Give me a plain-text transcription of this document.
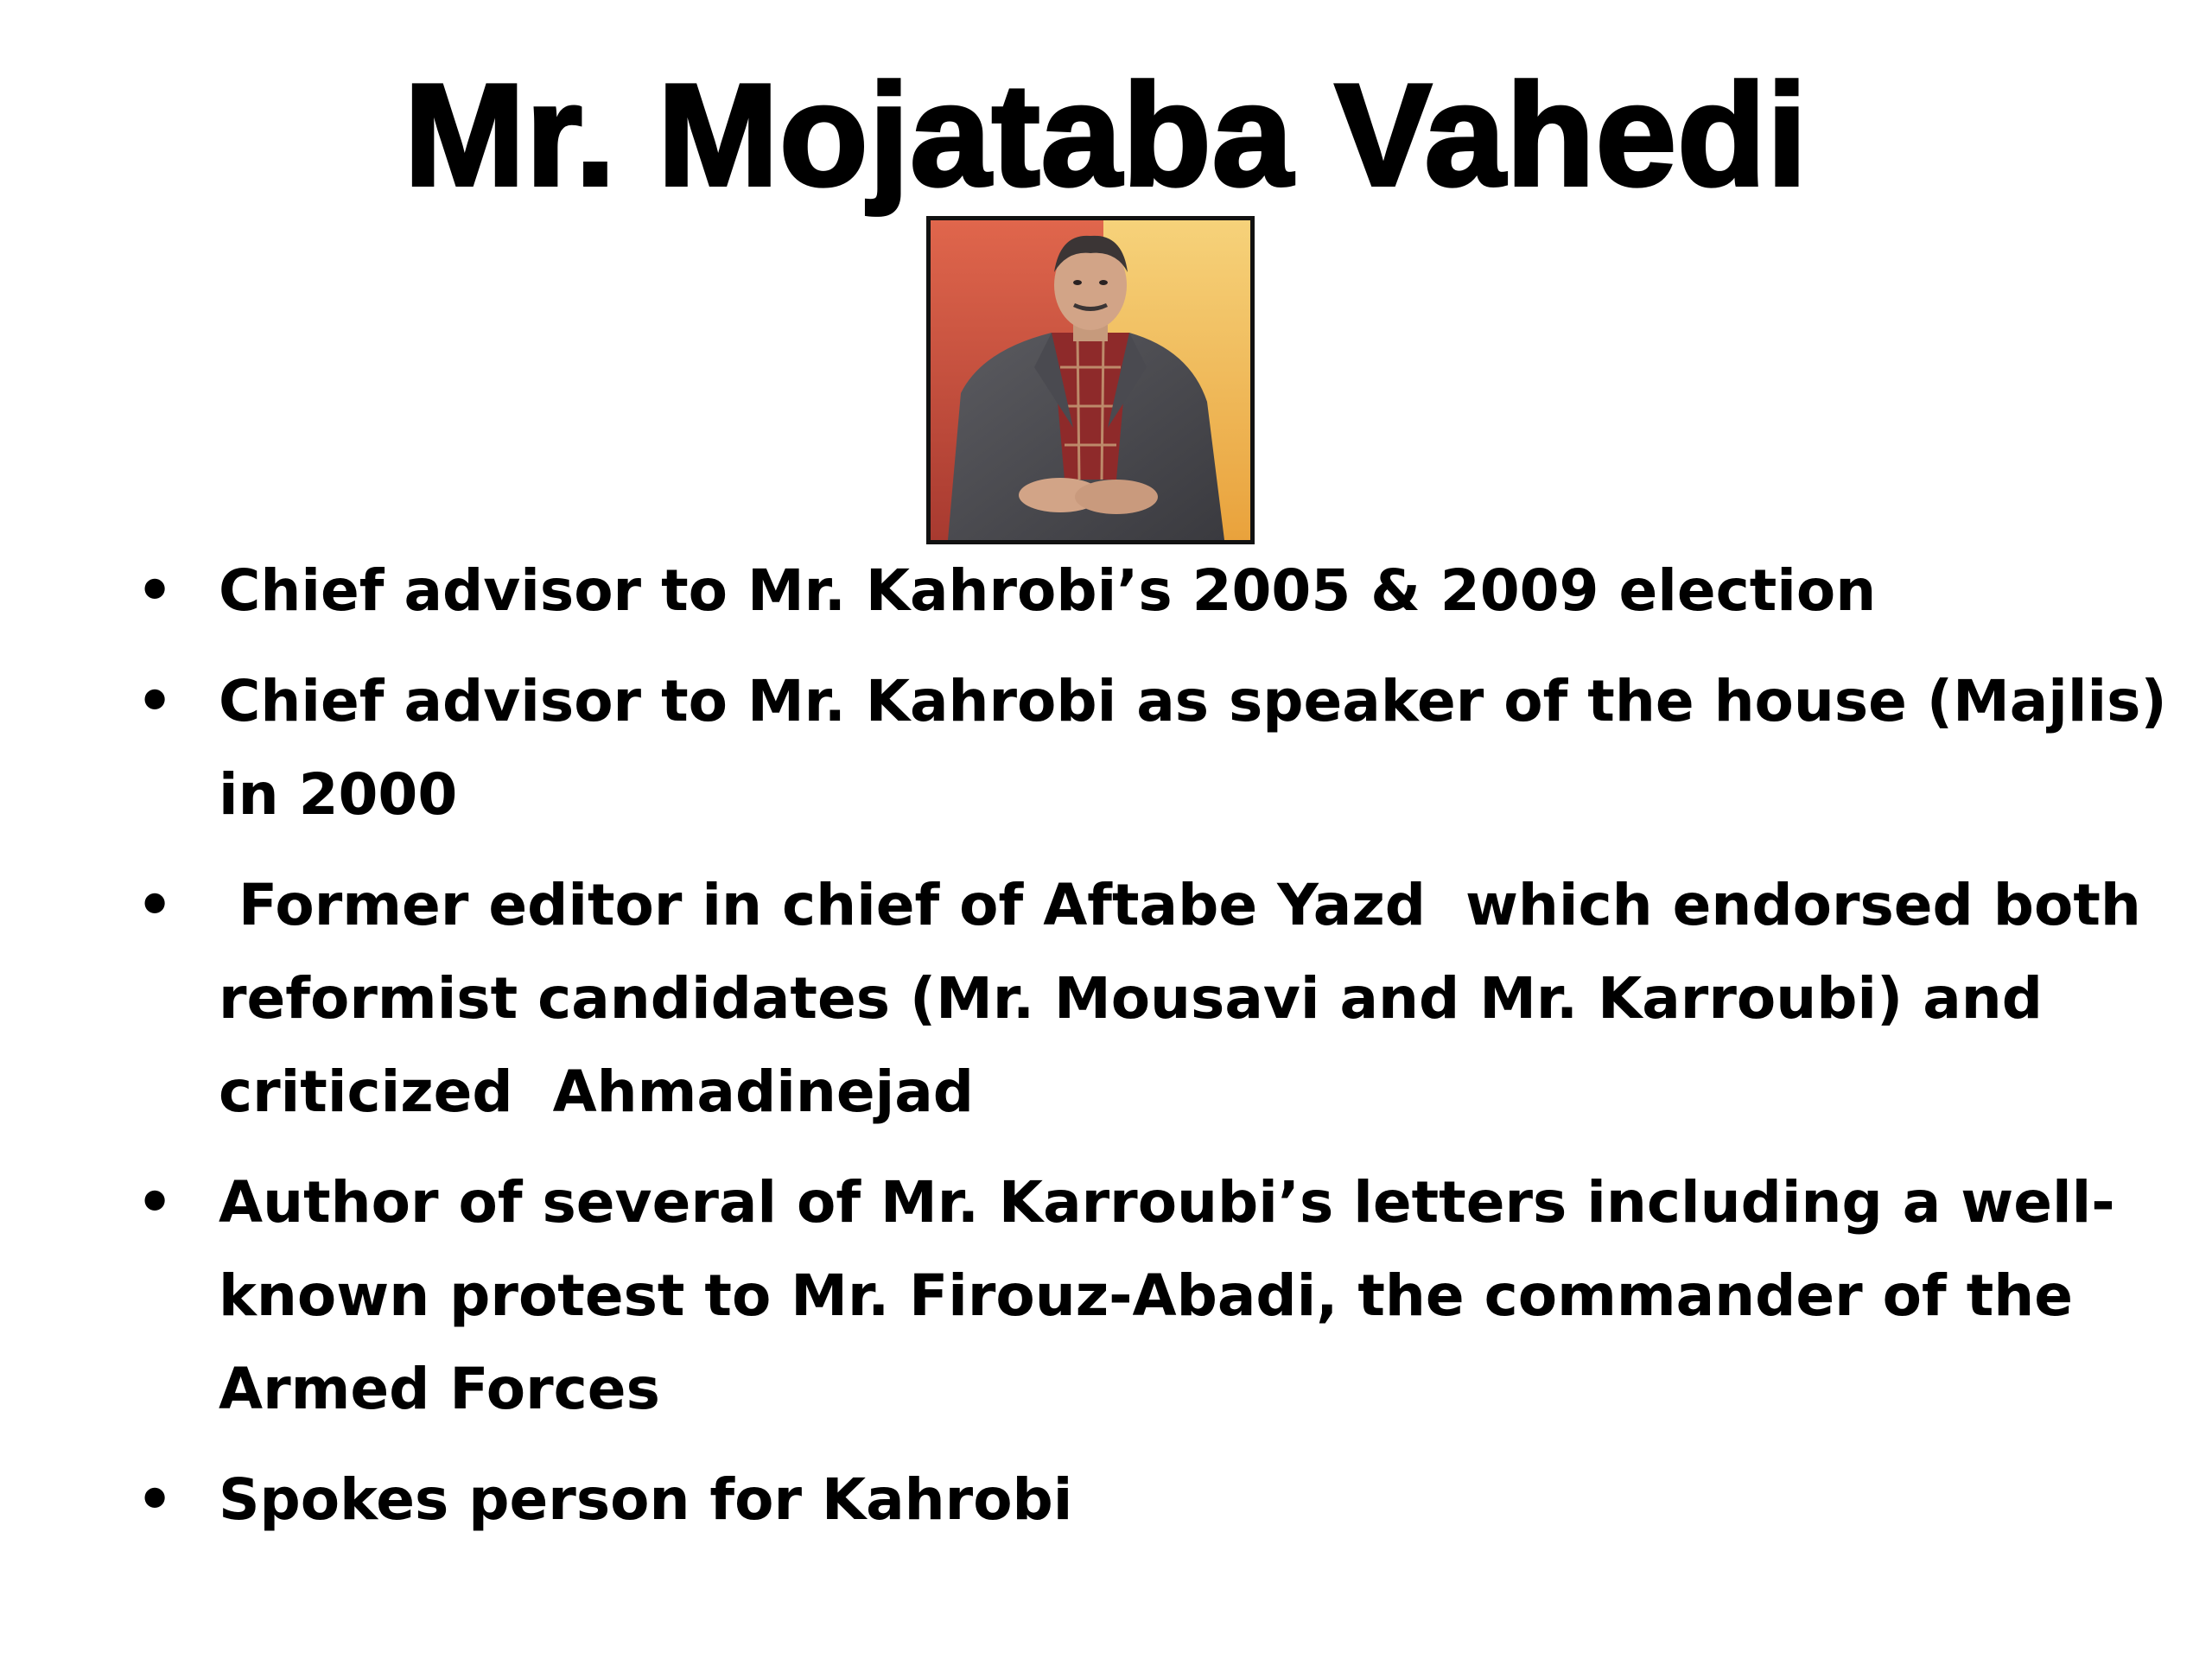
Mr. Mojataba Vahedi
• Chief advisor to Mr. Kahrobi’s 2005 & 2009 election
• Chief advisor to Mr. Kahrobi as speaker of the house (Majlis) in 2000
• Former editor in chief of Aftabe Yazd  which endorsed both reformist candidates (Mr. Mousavi and Mr. Karroubi) and criticized  Ahmadinejad
• Author of several of Mr. Karroubi’s letters including a well-known protest to Mr. Firouz-Abadi, the commander of the Armed Forces
• Spokes person for Kahrobi
